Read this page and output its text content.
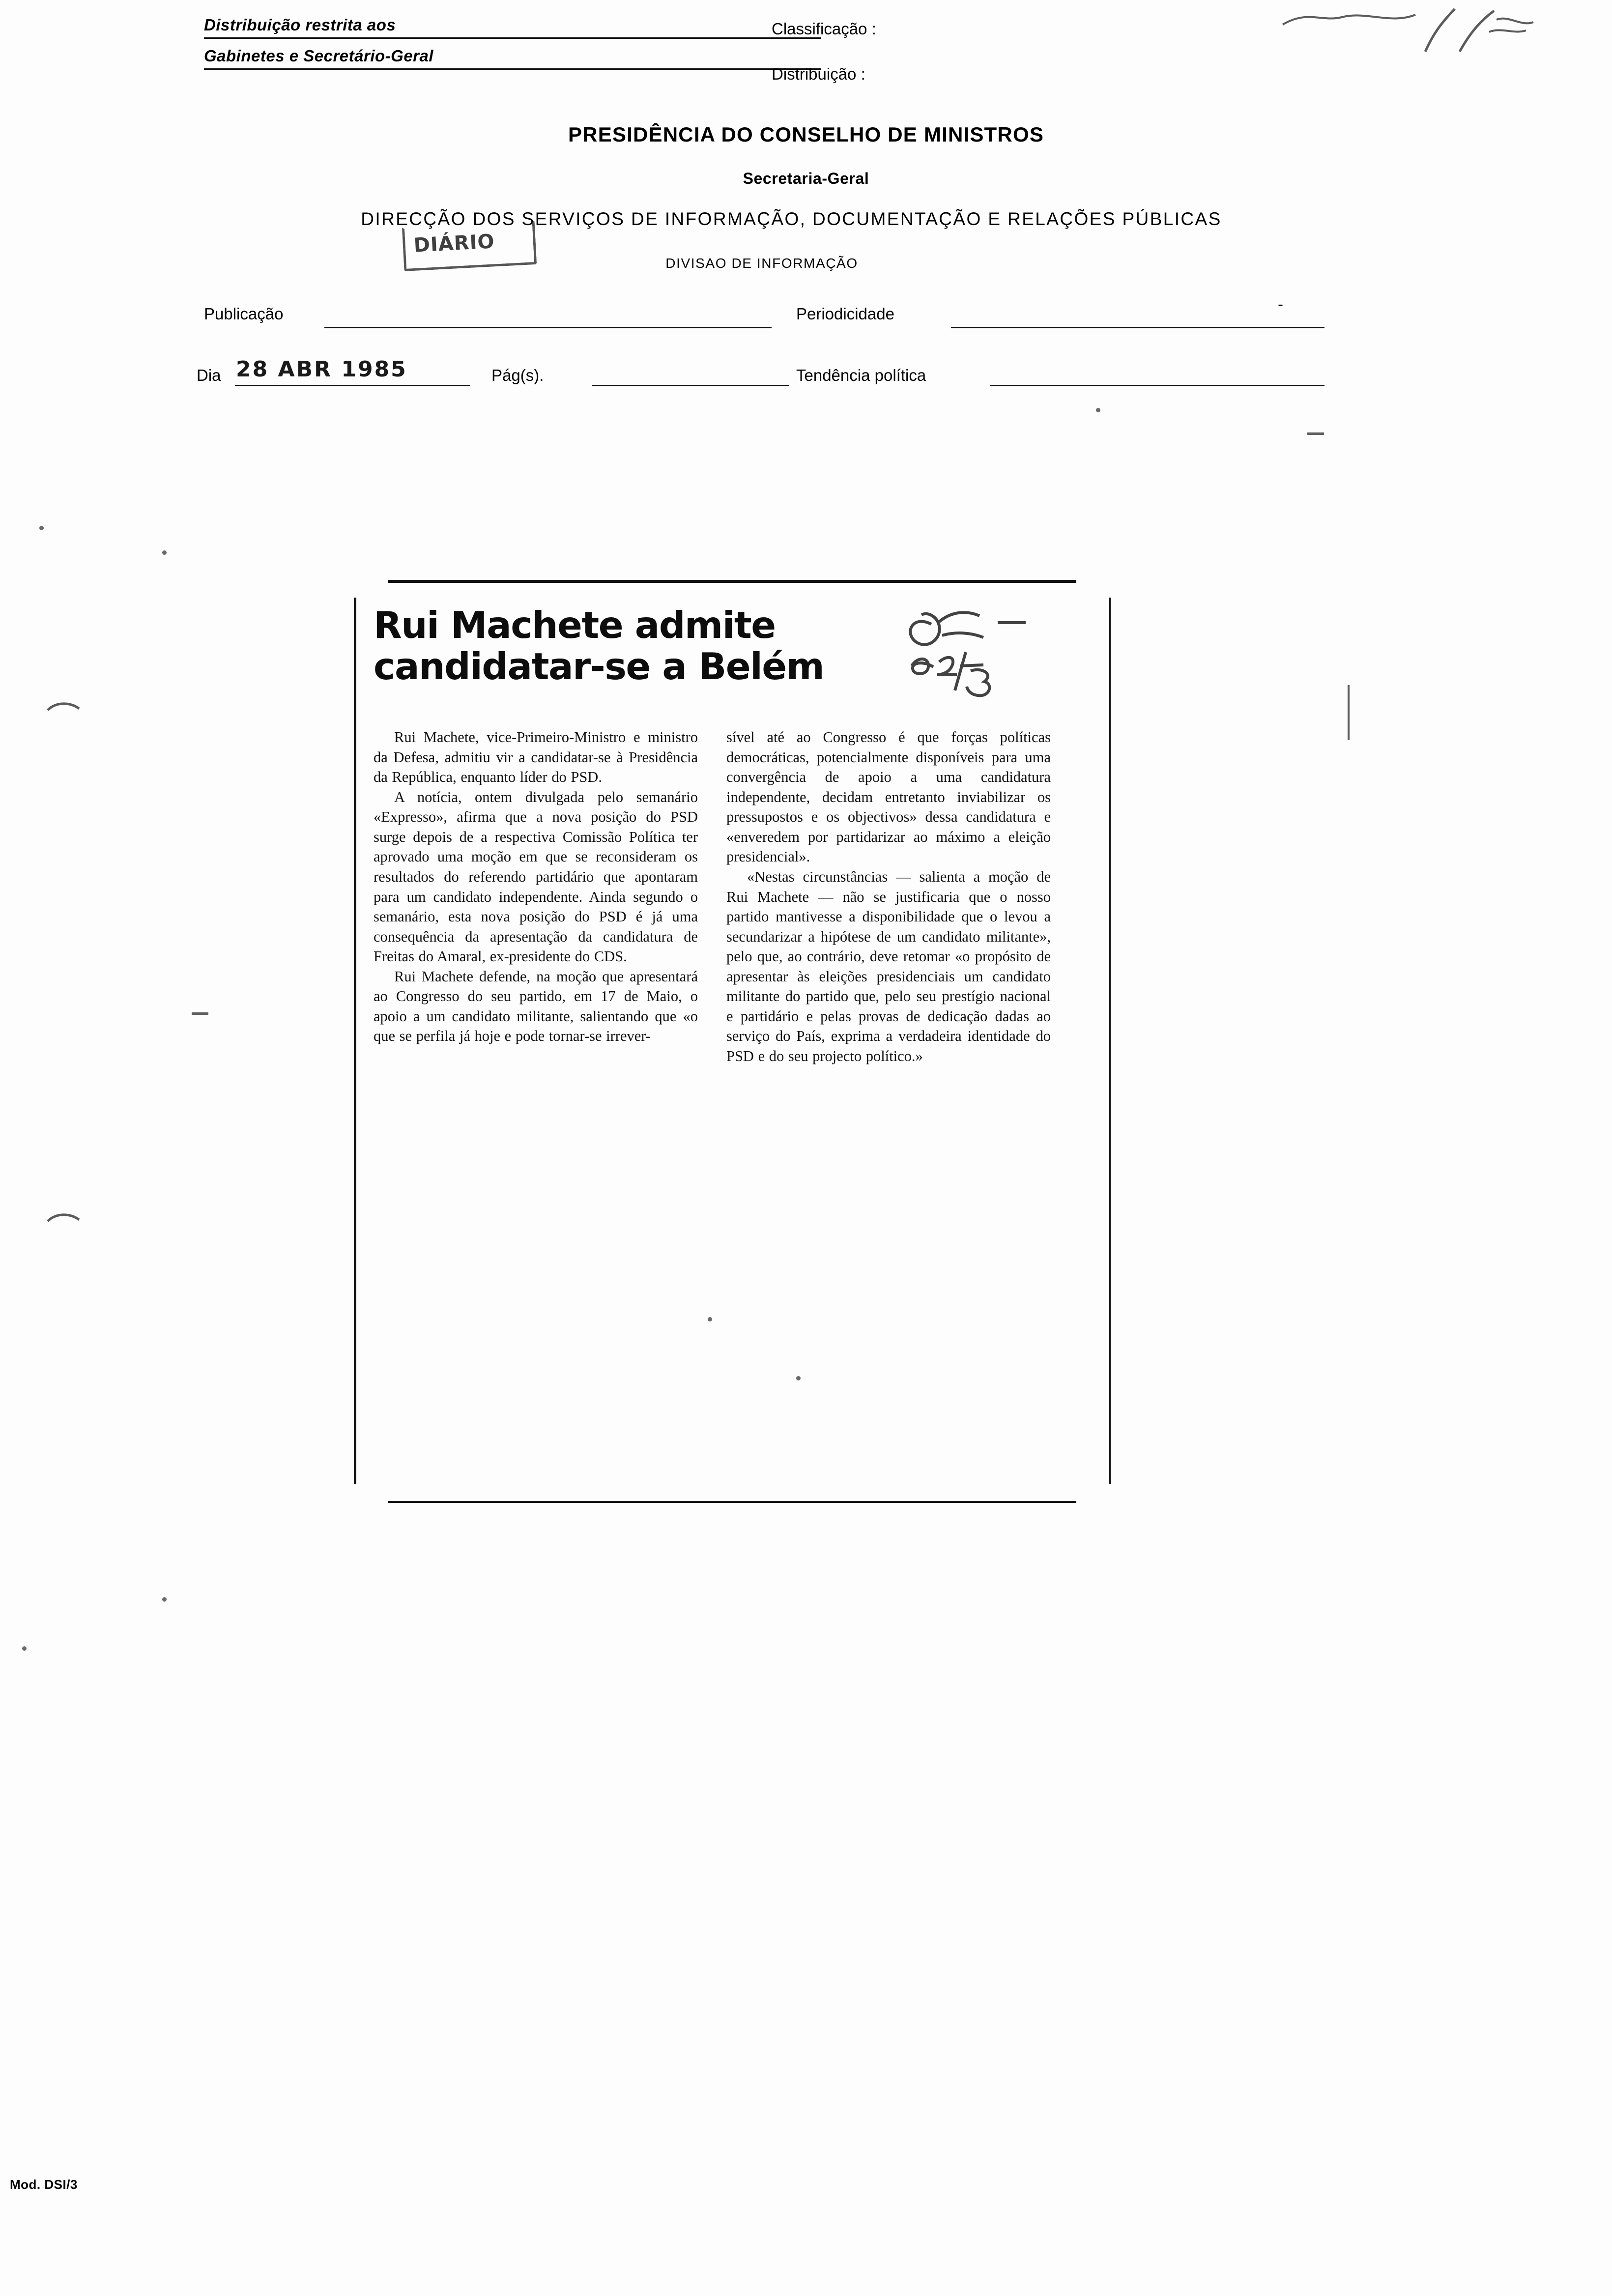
Distribuição restrita aos
Gabinetes e Secretário-Geral
Classificação :
Distribuição :
PRESIDÊNCIA DO CONSELHO DE MINISTROS
Secretaria-Geral
DIRECÇÃO DOS SERVIÇOS DE INFORMAÇÃO, DOCUMENTAÇÃO E RELAÇÕES PÚBLICAS
DIVISAO DE INFORMAÇÃO
DIÁRIO
Publicação	Periodicidade
-
Dia 28 ABR 1985	Pág(s).	Tendência política
Rui Machete admite
candidatar-se a Belém

Rui Machete, vice-Primeiro-Ministro e ministro da Defesa, admitiu vir a candidatar-se à Presidência da República, enquanto líder do PSD.

A notícia, ontem divulgada pelo semanário «Expresso», afirma que a nova posição do PSD surge depois de a respectiva Comissão Política ter aprovado uma moção em que se reconsideram os resultados do referendo partidário que apontaram para um candidato independente. Ainda segundo o semanário, esta nova posição do PSD é já uma consequência da apresentação da candidatura de Freitas do Amaral, ex-presidente do CDS.

Rui Machete defende, na moção que apresentará ao Congresso do seu partido, em 17 de Maio, o apoio a um candidato militante, salientando que «o que se perfila já hoje e pode tornar-se irrever-

sível até ao Congresso é que forças políticas democráticas, potencialmente disponíveis para uma convergência de apoio a uma candidatura independente, decidam entretanto inviabilizar os pressupostos e os objectivos» dessa candidatura e «enveredem por partidarizar ao máximo a eleição presidencial».

«Nestas circunstâncias — salienta a moção de Rui Machete — não se justificaria que o nosso partido mantivesse a disponibilidade que o levou a secundarizar a hipótese de um candidato militante», pelo que, ao contrário, deve retomar «o propósito de apresentar às eleições presidenciais um candidato militante do partido que, pelo seu prestígio nacional e partidário e pelas provas de dedicação dadas ao serviço do País, exprima a verdadeira identidade do PSD e do seu projecto político.»

Mod. DSI/3
